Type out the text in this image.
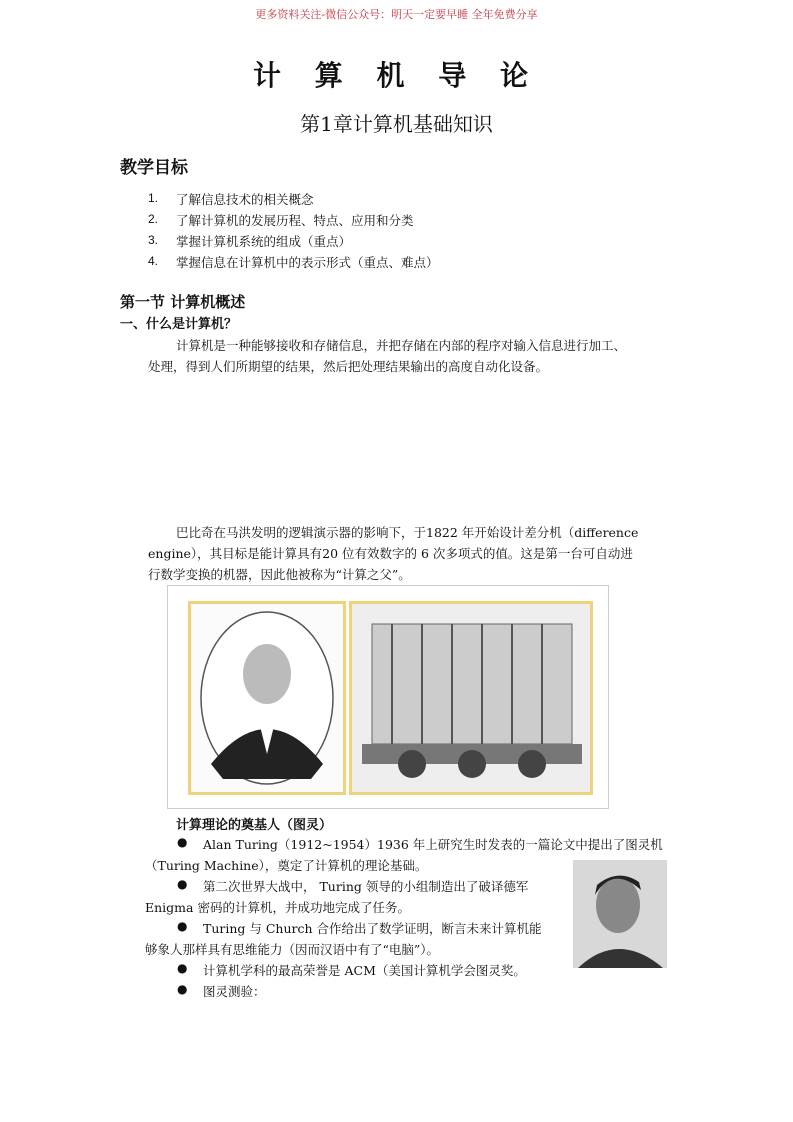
更多资料关注-微信公众号：明天一定要早睡 全年免费分享
计 算 机 导 论
第1章计算机基础知识
教学目标
1. 了解信息技术的相关概念
2. 了解计算机的发展历程、特点、应用和分类
3. 掌握计算机系统的组成（重点）
4. 掌握信息在计算机中的表示形式（重点、难点）
第一节 计算机概述
一、什么是计算机？
计算机是一种能够接收和存储信息，并把存储在内部的程序对输入信息进行加工、
处理，得到人们所期望的结果，然后把处理结果输出的高度自动化设备。
巴比奇在马洪发明的逻辑演示器的影响下，于1822 年开始设计差分机（difference
engine），其目标是能计算具有20 位有效数字的 6 次多项式的值。这是第一台可自动进
行数学变换的机器，因此他被称为“计算之父”。
计算理论的奠基人（图灵）
● Alan Turing（1912~1954）1936 年上研究生时发表的一篇论文中提出了图灵机
（Turing Machine），奠定了计算机的理论基础。
● 第二次世界大战中， Turing 领导的小组制造出了破译德军
Enigma 密码的计算机，并成功地完成了任务。
● Turing 与 Church 合作给出了数学证明，断言未来计算机能
够象人那样具有思维能力（因而汉语中有了“电脑”）。
● 计算机学科的最高荣誉是 ACM（美国计算机学会图灵奖。
● 图灵测验：
